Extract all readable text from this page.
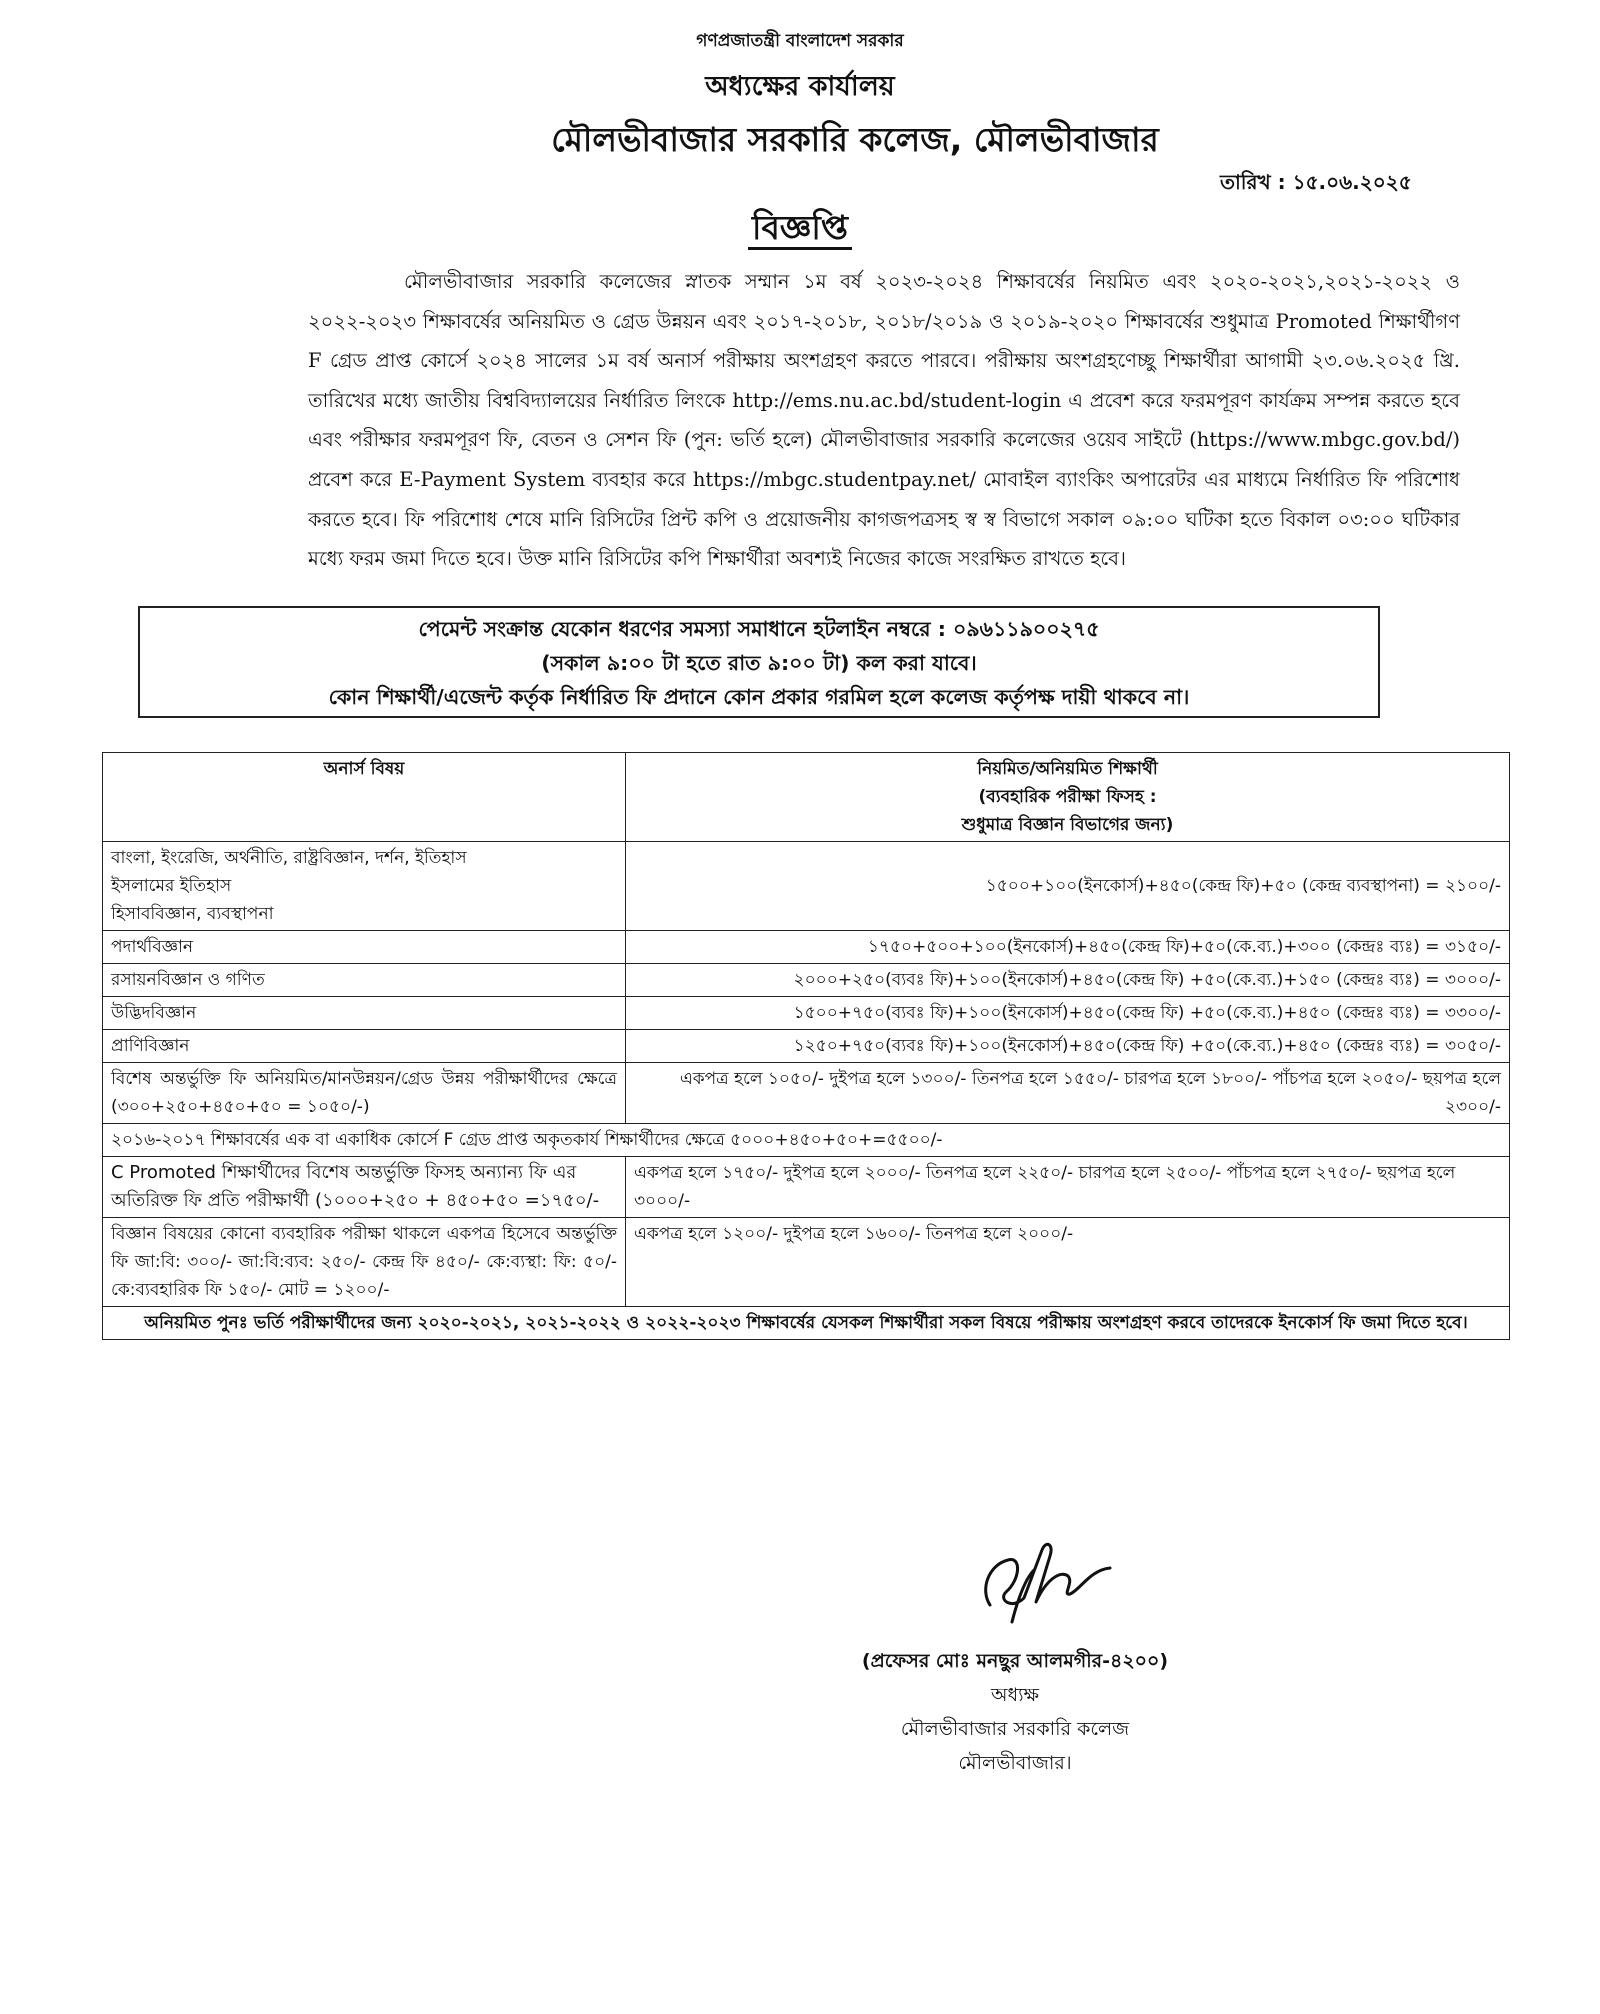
গণপ্রজাতন্ত্রী বাংলাদেশ সরকার
অধ্যক্ষের কার্যালয়
মৌলভীবাজার সরকারি কলেজ, মৌলভীবাজার
তারিখ : ১৫.০৬.২০২৫
বিজ্ঞপ্তি

মৌলভীবাজার সরকারি কলেজের স্নাতক সম্মান ১ম বর্ষ ২০২৩-২০২৪ শিক্ষাবর্ষের নিয়মিত এবং ২০২০-২০২১,২০২১-২০২২ ও ২০২২-২০২৩ শিক্ষাবর্ষের অনিয়মিত ও গ্রেড উন্নয়ন এবং ২০১৭-২০১৮, ২০১৮/২০১৯ ও ২০১৯-২০২০ শিক্ষাবর্ষের শুধুমাত্র Promoted শিক্ষার্থীগণ F গ্রেড প্রাপ্ত কোর্সে ২০২৪ সালের ১ম বর্ষ অনার্স পরীক্ষায় অংশগ্রহণ করতে পারবে। পরীক্ষায় অংশগ্রহণেচ্ছু শিক্ষার্থীরা আগামী ২৩.০৬.২০২৫ খ্রি. তারিখের মধ্যে জাতীয় বিশ্ববিদ্যালয়ের নির্ধারিত লিংকে http://ems.nu.ac.bd/student-login এ প্রবেশ করে ফরমপূরণ কার্যক্রম সম্পন্ন করতে হবে এবং পরীক্ষার ফরমপূরণ ফি, বেতন ও সেশন ফি (পুন: ভর্তি হলে) মৌলভীবাজার সরকারি কলেজের ওয়েব সাইটে (https://www.mbgc.gov.bd/) প্রবেশ করে E-Payment System ব্যবহার করে https://mbgc.studentpay.net/ মোবাইল ব্যাংকিং অপারেটর এর মাধ্যমে নির্ধারিত ফি পরিশোধ করতে হবে। ফি পরিশোধ শেষে মানি রিসিটের প্রিন্ট কপি ও প্রয়োজনীয় কাগজপত্রসহ স্ব স্ব বিভাগে সকাল ০৯:০০ ঘটিকা হতে বিকাল ০৩:০০ ঘটিকার মধ্যে ফরম জমা দিতে হবে। উক্ত মানি রিসিটের কপি শিক্ষার্থীরা অবশ্যই নিজের কাজে সংরক্ষিত রাখতে হবে।

পেমেন্ট সংক্রান্ত যেকোন ধরণের সমস্যা সমাধানে হটলাইন নম্বরে : ০৯৬১১৯০০২৭৫
(সকাল ৯:০০ টা হতে রাত ৯:০০ টা) কল করা যাবে।
কোন শিক্ষার্থী/এজেন্ট কর্তৃক নির্ধারিত ফি প্রদানে কোন প্রকার গরমিল হলে কলেজ কর্তৃপক্ষ দায়ী থাকবে না।
অনার্স বিষয়	নিয়মিত/অনিয়মিত শিক্ষার্থী
(ব্যবহারিক পরীক্ষা ফিসহ :
শুধুমাত্র বিজ্ঞান বিভাগের জন্য)

বাংলা, ইংরেজি, অর্থনীতি, রাষ্ট্রবিজ্ঞান, দর্শন, ইতিহাস
ইসলামের ইতিহাস
হিসাববিজ্ঞান, ব্যবস্থাপনা	১৫০০+১০০(ইনকোর্স)+৪৫০(কেন্দ্র ফি)+৫০ (কেন্দ্র ব্যবস্থাপনা) = ২১০০/-
পদার্থবিজ্ঞান	১৭৫০+৫০০+১০০(ইনকোর্স)+৪৫০(কেন্দ্র ফি)+৫০(কে.ব্য.)+৩০০ (কেন্দ্রঃ ব্যঃ) = ৩১৫০/-
রসায়নবিজ্ঞান ও গণিত	২০০০+২৫০(ব্যবঃ ফি)+১০০(ইনকোর্স)+৪৫০(কেন্দ্র ফি) +৫০(কে.ব্য.)+১৫০ (কেন্দ্রঃ ব্যঃ) = ৩০০০/-
উদ্ভিদবিজ্ঞান	১৫০০+৭৫০(ব্যবঃ ফি)+১০০(ইনকোর্স)+৪৫০(কেন্দ্র ফি) +৫০(কে.ব্য.)+৪৫০ (কেন্দ্রঃ ব্যঃ) = ৩৩০০/-
প্রাণিবিজ্ঞান	১২৫০+৭৫০(ব্যবঃ ফি)+১০০(ইনকোর্স)+৪৫০(কেন্দ্র ফি) +৫০(কে.ব্য.)+৪৫০ (কেন্দ্রঃ ব্যঃ) = ৩০৫০/-
বিশেষ অন্তর্ভুক্তি ফি অনিয়মিত/মানউন্নয়ন/গ্রেড উন্নয় পরীক্ষার্থীদের ক্ষেত্রে (৩০০+২৫০+৪৫০+৫০ = ১০৫০/-)	একপত্র হলে ১০৫০/- দুইপত্র হলে ১৩০০/- তিনপত্র হলে ১৫৫০/- চারপত্র হলে ১৮০০/- পাঁচপত্র হলে ২০৫০/- ছয়পত্র হলে ২৩০০/-
২০১৬-২০১৭ শিক্ষাবর্ষের এক বা একাধিক কোর্সে F গ্রেড প্রাপ্ত অকৃতকার্য শিক্ষার্থীদের ক্ষেত্রে ৫০০০+৪৫০+৫০+=৫৫০০/-	
C Promoted শিক্ষার্থীদের বিশেষ অন্তর্ভুক্তি ফিসহ অন্যান্য ফি এর অতিরিক্ত ফি প্রতি পরীক্ষার্থী (১০০০+২৫০ + ৪৫০+৫০ =১৭৫০/-	একপত্র হলে ১৭৫০/- দুইপত্র হলে ২০০০/- তিনপত্র হলে ২২৫০/- চারপত্র হলে ২৫০০/- পাঁচপত্র হলে ২৭৫০/- ছয়পত্র হলে ৩০০০/-
বিজ্ঞান বিষয়ের কোনো ব্যবহারিক পরীক্ষা থাকলে একপত্র হিসেবে অন্তর্ভুক্তি ফি জা:বি: ৩০০/- জা:বি:ব্যব: ২৫০/- কেন্দ্র ফি ৪৫০/- কে:ব্যস্থা: ফি: ৫০/- কে:ব্যবহারিক ফি ১৫০/- মোট = ১২০০/-	একপত্র হলে ১২০০/- দুইপত্র হলে ১৬০০/- তিনপত্র হলে ২০০০/-
অনিয়মিত পুনঃ ভর্তি পরীক্ষার্থীদের জন্য ২০২০-২০২১, ২০২১-২০২২ ও ২০২২-২০২৩ শিক্ষাবর্ষের যেসকল শিক্ষার্থীরা সকল বিষয়ে পরীক্ষায় অংশগ্রহণ করবে তাদেরকে ইনকোর্স ফি জমা দিতে হবে।	
(প্রফেসর মোঃ মনছুর আলমগীর-৪২০০)
অধ্যক্ষ
মৌলভীবাজার সরকারি কলেজ
মৌলভীবাজার।
